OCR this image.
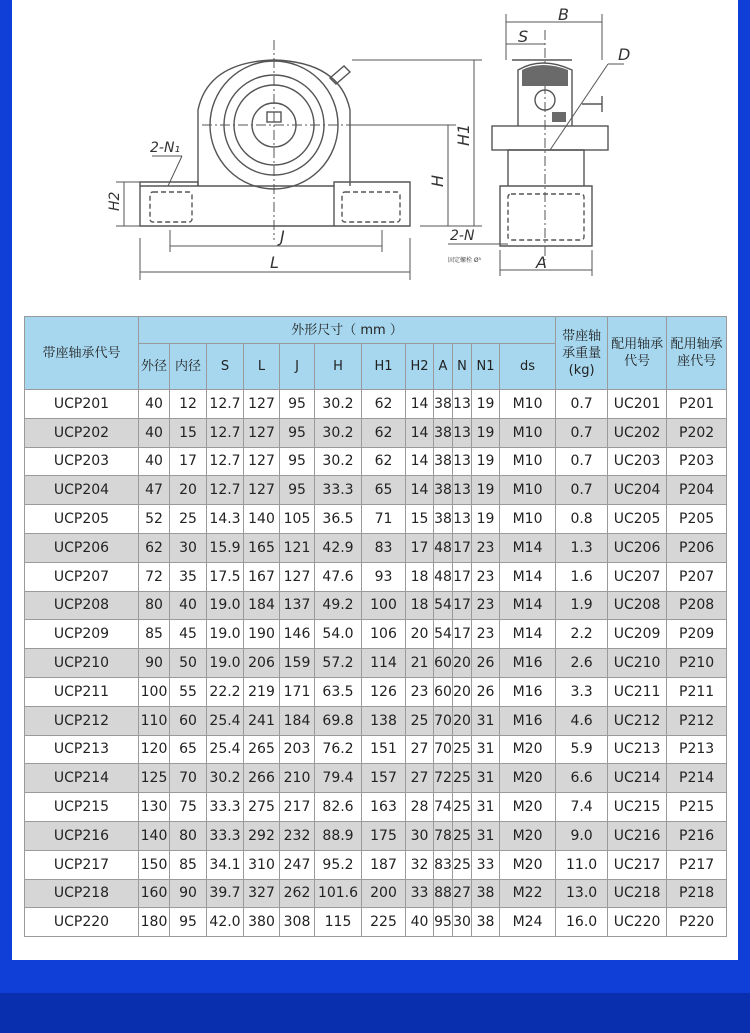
B
S
D
2-N₁
H2
H1
H
J
L
2-N
A
固定螺栓 Ø⁵
带座轴承代号	外形尺寸（ mm ）												带座轴承重量(kg)	配用轴承代号	配用轴承座代号
	外径	内径	S	L	J	H	H1	H2	A	N	N1	ds			
UCP201	40	12	12.7	127	95	30.2	62	14	38	13	19	M10	0.7	UC201	P201
UCP202	40	15	12.7	127	95	30.2	62	14	38	13	19	M10	0.7	UC202	P202
UCP203	40	17	12.7	127	95	30.2	62	14	38	13	19	M10	0.7	UC203	P203
UCP204	47	20	12.7	127	95	33.3	65	14	38	13	19	M10	0.7	UC204	P204
UCP205	52	25	14.3	140	105	36.5	71	15	38	13	19	M10	0.8	UC205	P205
UCP206	62	30	15.9	165	121	42.9	83	17	48	17	23	M14	1.3	UC206	P206
UCP207	72	35	17.5	167	127	47.6	93	18	48	17	23	M14	1.6	UC207	P207
UCP208	80	40	19.0	184	137	49.2	100	18	54	17	23	M14	1.9	UC208	P208
UCP209	85	45	19.0	190	146	54.0	106	20	54	17	23	M14	2.2	UC209	P209
UCP210	90	50	19.0	206	159	57.2	114	21	60	20	26	M16	2.6	UC210	P210
UCP211	100	55	22.2	219	171	63.5	126	23	60	20	26	M16	3.3	UC211	P211
UCP212	110	60	25.4	241	184	69.8	138	25	70	20	31	M16	4.6	UC212	P212
UCP213	120	65	25.4	265	203	76.2	151	27	70	25	31	M20	5.9	UC213	P213
UCP214	125	70	30.2	266	210	79.4	157	27	72	25	31	M20	6.6	UC214	P214
UCP215	130	75	33.3	275	217	82.6	163	28	74	25	31	M20	7.4	UC215	P215
UCP216	140	80	33.3	292	232	88.9	175	30	78	25	31	M20	9.0	UC216	P216
UCP217	150	85	34.1	310	247	95.2	187	32	83	25	33	M20	11.0	UC217	P217
UCP218	160	90	39.7	327	262	101.6	200	33	88	27	38	M22	13.0	UC218	P218
UCP220	180	95	42.0	380	308	115	225	40	95	30	38	M24	16.0	UC220	P220
